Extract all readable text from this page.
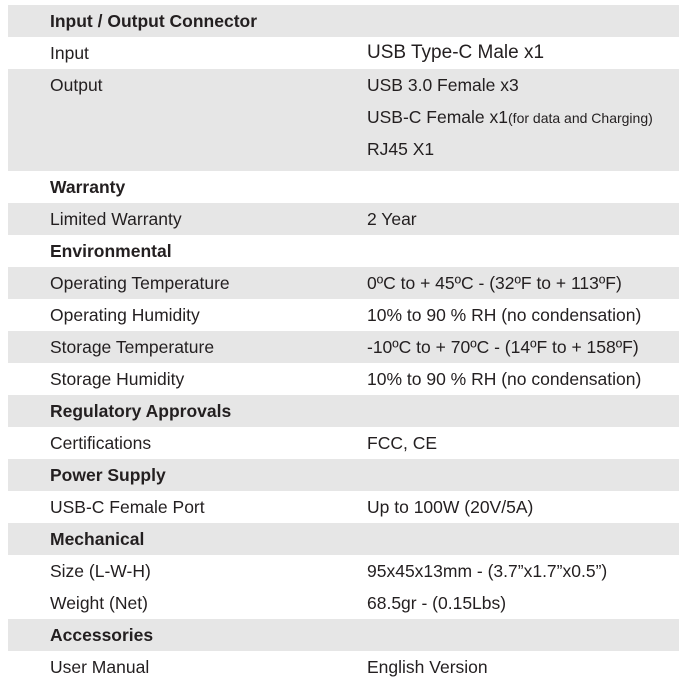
Input / Output Connector
Input	USB Type-C Male x1
Output	USB 3.0 Female x3
USB-C Female x1(for data and Charging)
RJ45 X1
Warranty
Limited Warranty	2 Year
Environmental
Operating Temperature	0ºC to + 45ºC - (32ºF to + 113ºF)
Operating Humidity	10% to 90 % RH (no condensation)
Storage Temperature	-10ºC to + 70ºC - (14ºF to + 158ºF)
Storage Humidity	10% to 90 % RH (no condensation)
Regulatory Approvals
Certifications	FCC, CE
Power Supply
USB-C Female Port	Up to 100W (20V/5A)
Mechanical
Size (L-W-H)	95x45x13mm - (3.7”x1.7”x0.5”)
Weight (Net)	68.5gr - (0.15Lbs)
Accessories
User Manual	English Version
